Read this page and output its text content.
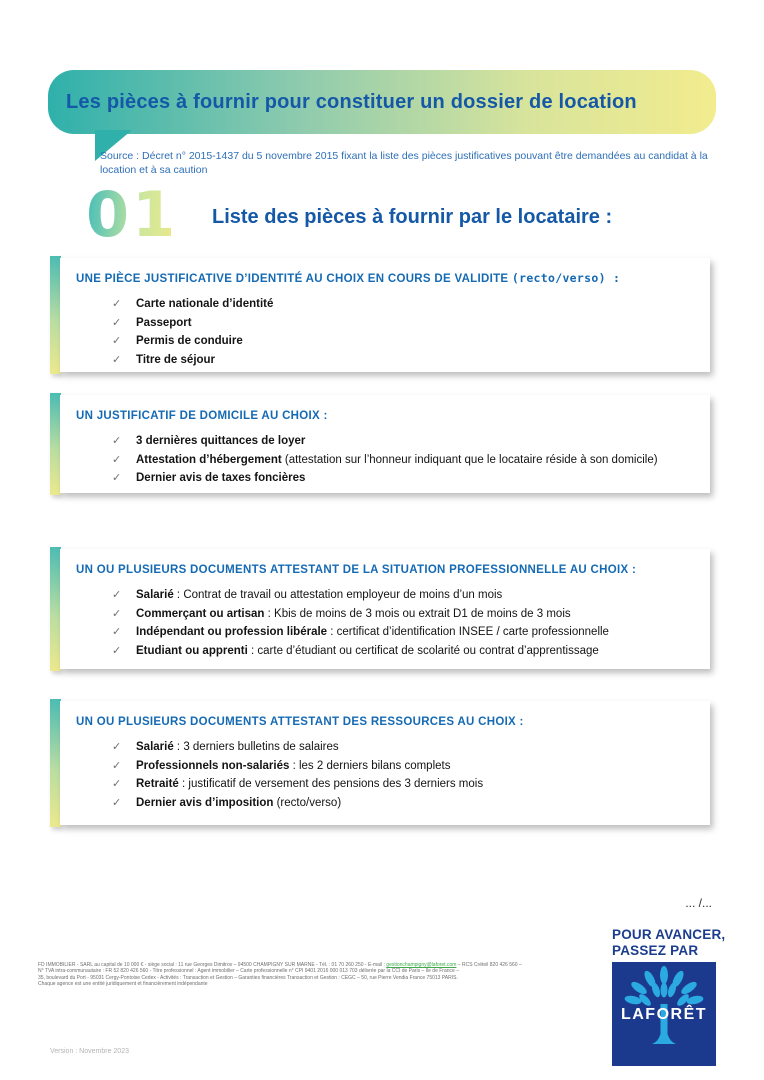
Les pièces à fournir pour constituer un dossier de location
Source : Décret n° 2015-1437 du 5 novembre 2015 fixant la liste des pièces justificatives pouvant être demandées au candidat à la location et à sa caution
01 Liste des pièces à fournir par le locataire :
UNE PIÈCE JUSTIFICATIVE D’IDENTITÉ AU CHOIX EN COURS DE VALIDITE (recto/verso) :
✓	Carte nationale d’identité
✓	Passeport
✓	Permis de conduire
✓	Titre de séjour
UN JUSTIFICATIF DE DOMICILE AU CHOIX :
✓	3 dernières quittances de loyer
✓	Attestation d’hébergement (attestation sur l’honneur indiquant que le locataire réside à son domicile)
✓	Dernier avis de taxes foncières
UN OU PLUSIEURS DOCUMENTS ATTESTANT DE LA SITUATION PROFESSIONNELLE AU CHOIX :
✓	Salarié : Contrat de travail ou attestation employeur de moins d’un mois
✓	Commerçant ou artisan : Kbis de moins de 3 mois ou extrait D1 de moins de 3 mois
✓	Indépendant ou profession libérale : certificat d’identification INSEE / carte professionnelle
✓	Etudiant ou apprenti : carte d’étudiant ou certificat de scolarité ou contrat d’apprentissage
UN OU PLUSIEURS DOCUMENTS ATTESTANT DES RESSOURCES AU CHOIX :
✓	Salarié : 3 derniers bulletins de salaires
✓	Professionnels non-salariés : les 2 derniers bilans complets
✓	Retraité : justificatif de versement des pensions des 3 derniers mois
✓	Dernier avis d’imposition (recto/verso)
... /...
POUR AVANCER,
PASSEZ PAR
LAFORÊT
FD IMMOBILIER - SARL au capital de 10 000 € - siège social : 11 rue Georges Dimitrov – 94500 CHAMPIGNY SUR MARNE - Tél. : 01 70 260 250 - E-mail : gestionchampigny@laforet.com – RCS Créteil 820 426 560 –
N° TVA intra-communautaire : FR 52 820 426 560 - Titre professionnel : Agent immobilier – Carte professionnelle n° CPI 9401 2016 000 013 703 délivrée par la CCI de Paris – Ile de France –
35, boulevard du Port - 95031 Cergy-Pontoise Cedex - Activités : Transaction et Gestion – Garanties financières Transaction et Gestion : CEGC – 50, rue Pierre Vendia France 75013 PARIS.
Chaque agence est une entité juridiquement et financièrement indépendante
Version : Novembre 2023
